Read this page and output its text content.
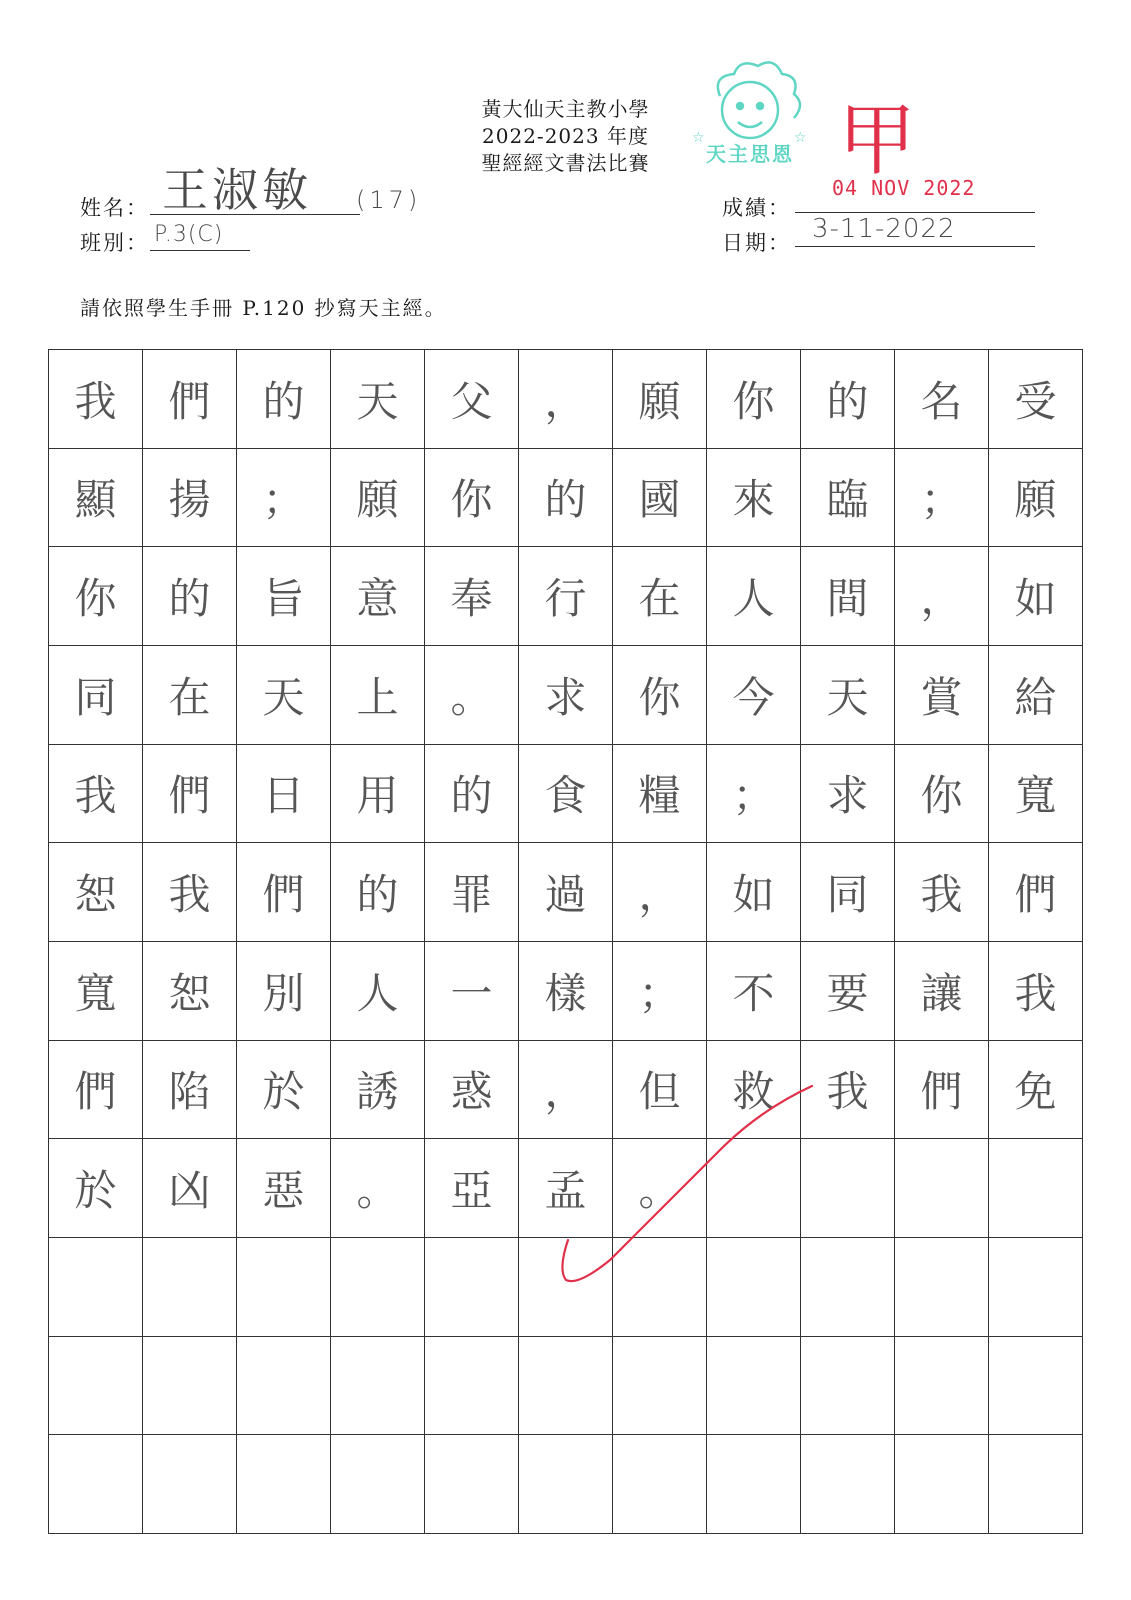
黃大仙天主教小學
2022-2023 年度
聖經經文書法比賽
☆	☆
天主思恩 甲
04 NOV 2022
姓名： 王淑敏 (17)
班別： P.3(C)
成績：
日期： 3-11-2022
請依照學生手冊 P.120 抄寫天主經。
我	們	的	天	父	，	願	你	的	名	受
顯	揚	；	願	你	的	國	來	臨	；	願
你	的	旨	意	奉	行	在	人	間	，	如
同	在	天	上	。	求	你	今	天	賞	給
我	們	日	用	的	食	糧	；	求	你	寬
恕	我	們	的	罪	過	，	如	同	我	們
寬	恕	別	人	一	樣	；	不	要	讓	我
們	陷	於	誘	惑	，	但	救	我	們	免
於	凶	惡	。	亞	孟	。
